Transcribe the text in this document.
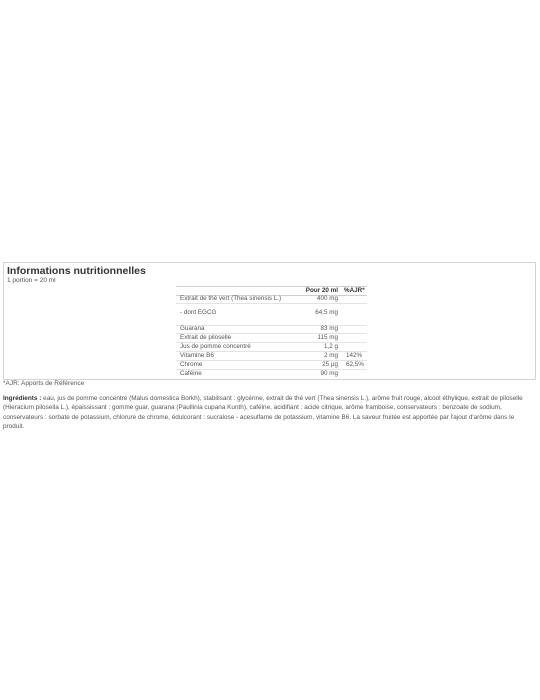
Informations nutritionnelles
1 portion = 20 ml
Pour 20 ml %AJR*
Extrait de thé vert (Thea sinensis L.)	400 mg
- dont EGCG	64,5 mg
Guarana	83 mg
Extrait de piloselle	115 mg
Jus de pomme concentré	1,2 g
Vitamine B6	2 mg 142%
Chrome	25 µg 62,5%
Caféine	90 mg
*AJR: Apports de Référence
Ingrédients : eau, jus de pomme concentré (Malus domestica Borkh), stabilisant : glycérine, extrait de thé vert (Thea sinensis L.), arôme fruit rouge, alcool éthylique, extrait de piloselle (Hieracium pilosella L.), épaississant : gomme guar, guarana (Paullinia cupana Kunth), caféine, acidifiant : acide citrique, arôme framboise, conservateurs : benzoate de sodium, conservateurs : sorbate de potassium, chlorure de chrome, édulcorant : sucralose - acesulfame de potassium, vitamine B6. La saveur fruitée est apportée par l'ajout d'arôme dans le produit.
